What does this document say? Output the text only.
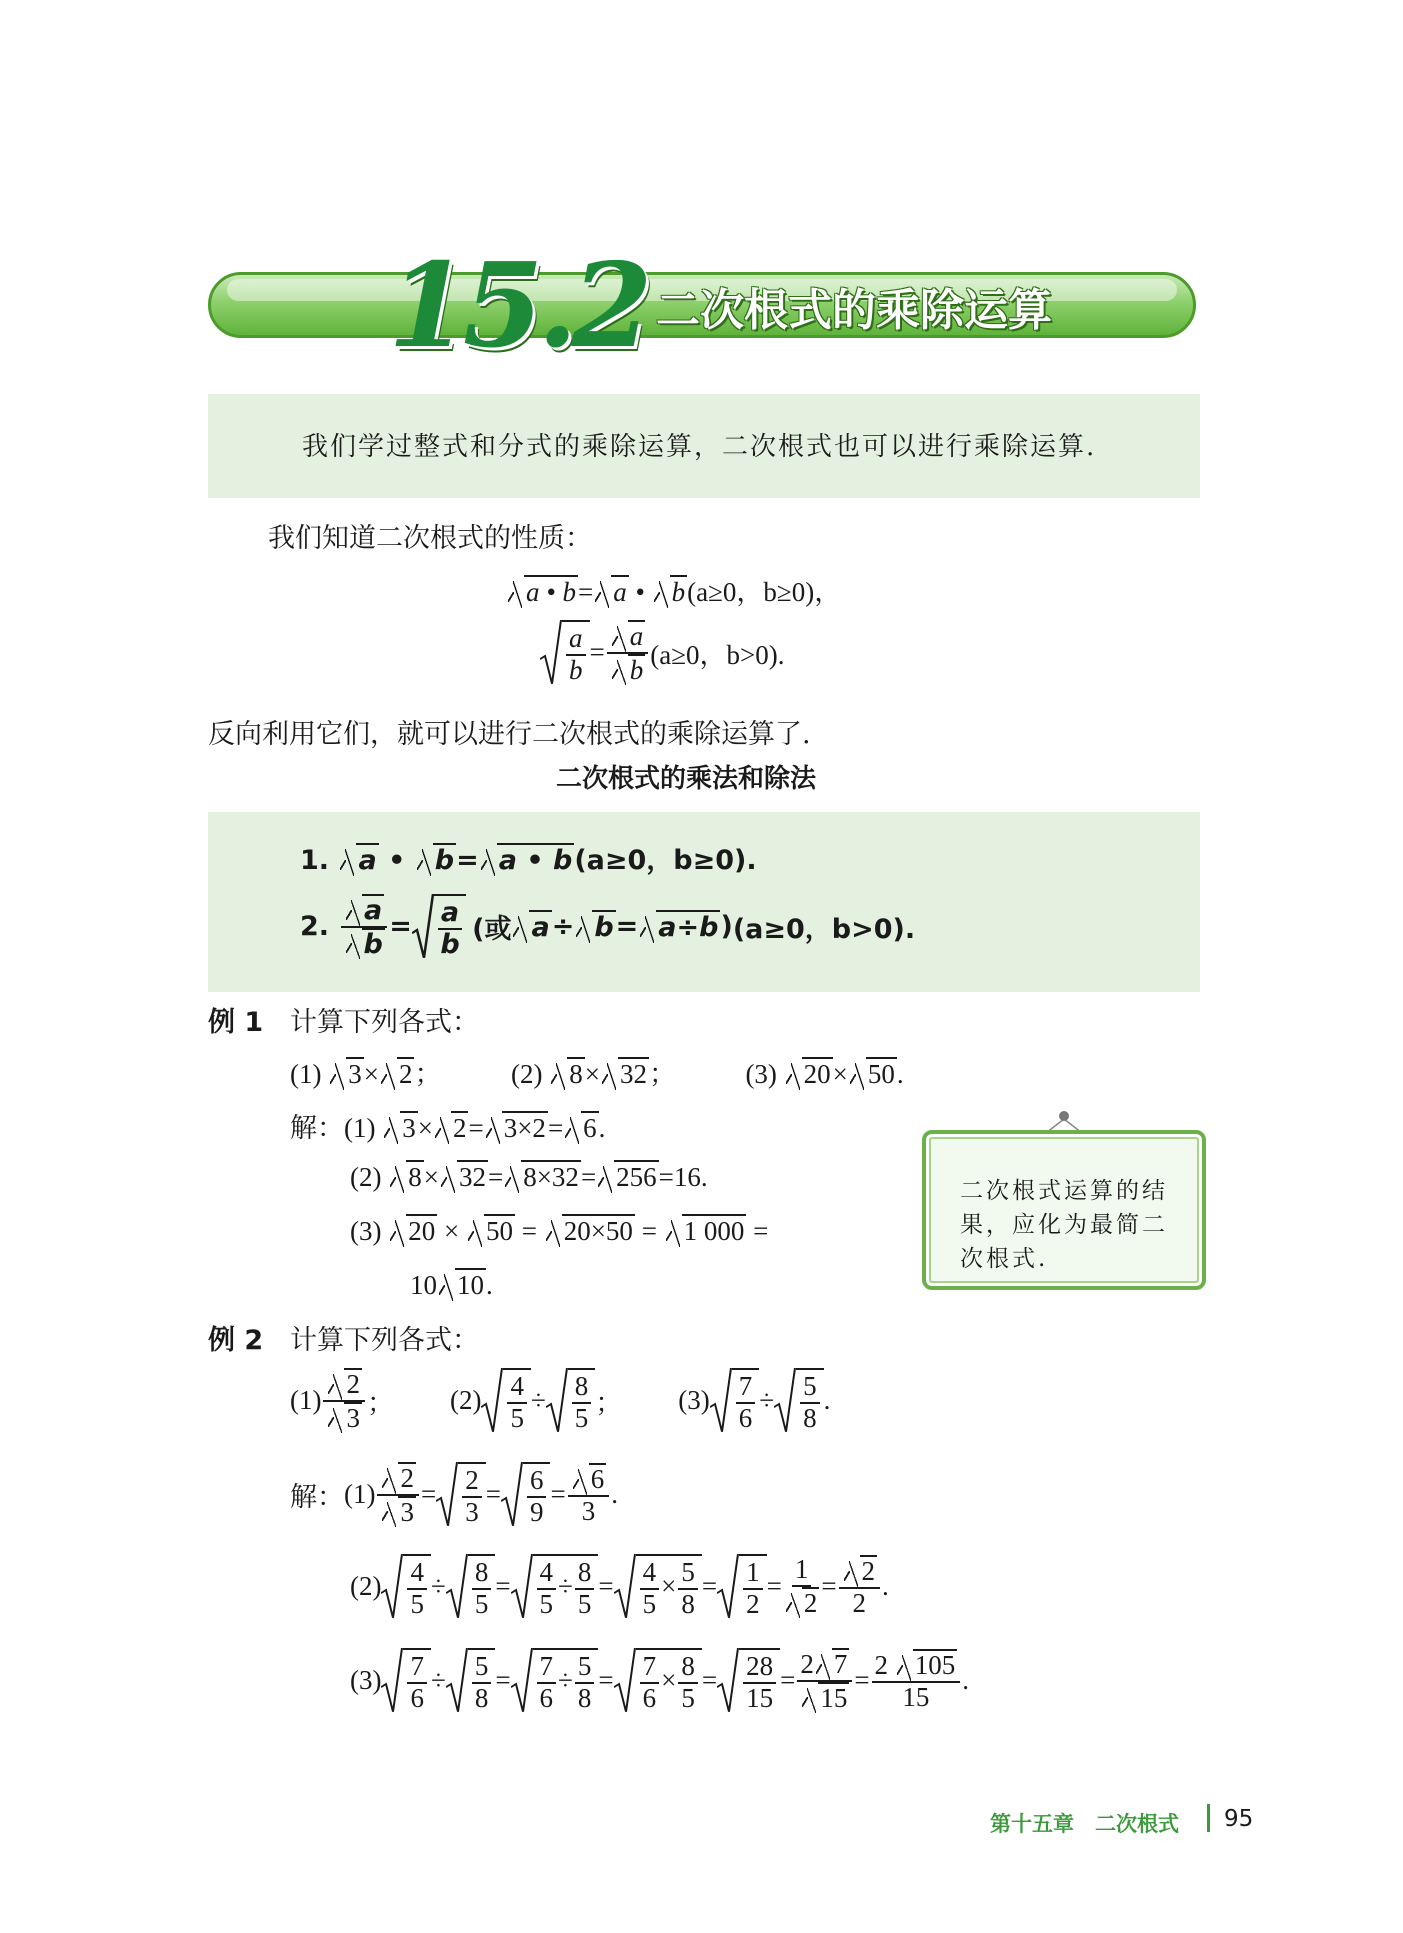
15.2 二次根式的乘除运算
我们学过整式和分式的乘除运算，二次根式也可以进行乘除运算.
我们知道二次根式的性质：
a • b= a • b(a≥0，b≥0)，
$\frac{a}{b} = \frac{a}{b} (a\ge 0$，b>0).
反向利用它们，就可以进行二次根式的乘除运算了.
二次根式的乘法和除法
1. a • b= a • b(a≥0，b≥0).
2. $\frac{a}{b} = \frac{a}{b}$ (或 a ÷ b = a÷b ) (a≥0，b>0).
例 1 计算下列各式：
(1) 3× 2；  (2) 8× 32；  (3) 20× 50.
解：(1) 3× 2= 3×2= 6.
(2) 8× 32= 8×32= 256=16.
(3) 20 × 50 = 20×50 = 1 000 =
10 10.
二次根式运算的结果，应化为最简二次根式.
例 2 计算下列各式：
$(1) \frac{2}{3}$ ； $(2) \frac{4}{5} \div \frac{8}{5}$ ； $(3) \frac{7}{6} \div \frac{5}{8}$ .
解： $(1) \frac{2}{3} = \frac{2}{3} = \frac{6}{9} = \frac{6}{3}$ .
$(2) \frac{4}{5} \div \frac{8}{5} = \frac{4}{5} \div \frac{8}{5} = \frac{4}{5} \times \frac{5}{8} = \frac{1}{2} = \frac{1}{2} = \frac{2}{2}$ .
$(3) \frac{7}{6} \div \frac{5}{8} = \frac{7}{6} \div \frac{5}{8} = \frac{7}{6} \times \frac{8}{5} = \frac{28}{15} = \frac{2 7}{15} = \frac{2 105}{15}$ .
第十五章　二次根式 95
